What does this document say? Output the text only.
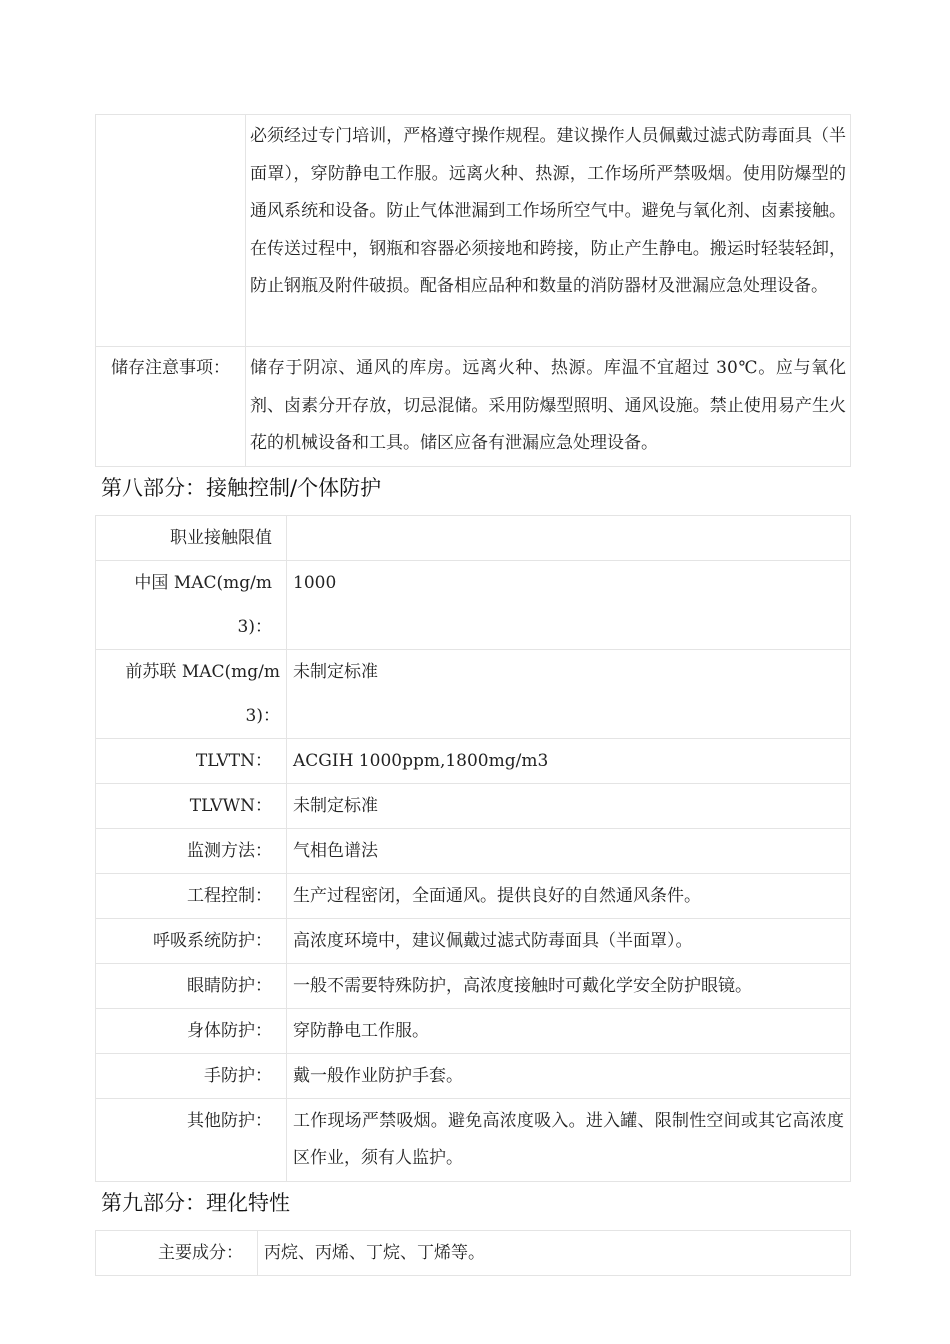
	必须经过专门培训，严格遵守操作规程。建议操作人员佩戴过滤式防毒面具（半面罩），穿防静电工作服。远离火种、热源，工作场所严禁吸烟。使用防爆型的通风系统和设备。防止气体泄漏到工作场所空气中。避免与氧化剂、卤素接触。在传送过程中，钢瓶和容器必须接地和跨接，防止产生静电。搬运时轻装轻卸，防止钢瓶及附件破损。配备相应品种和数量的消防器材及泄漏应急处理设备。
储存注意事项：	储存于阴凉、通风的库房。远离火种、热源。库温不宜超过 30℃。应与氧化剂、卤素分开存放，切忌混储。采用防爆型照明、通风设施。禁止使用易产生火花的机械设备和工具。储区应备有泄漏应急处理设备。
第八部分：接触控制/个体防护
职业接触限值	
中国 MAC(mg/m3)：	1000
前苏联 MAC(mg/m3)：	未制定标准
TLVTN：	ACGIH 1000ppm,1800mg/m3
TLVWN：	未制定标准
监测方法：	气相色谱法
工程控制：	生产过程密闭，全面通风。提供良好的自然通风条件。
呼吸系统防护：	高浓度环境中，建议佩戴过滤式防毒面具（半面罩）。
眼睛防护：	一般不需要特殊防护，高浓度接触时可戴化学安全防护眼镜。
身体防护：	穿防静电工作服。
手防护：	戴一般作业防护手套。
其他防护：	工作现场严禁吸烟。避免高浓度吸入。进入罐、限制性空间或其它高浓度区作业，须有人监护。
第九部分：理化特性
主要成分：	丙烷、丙烯、丁烷、丁烯等。
